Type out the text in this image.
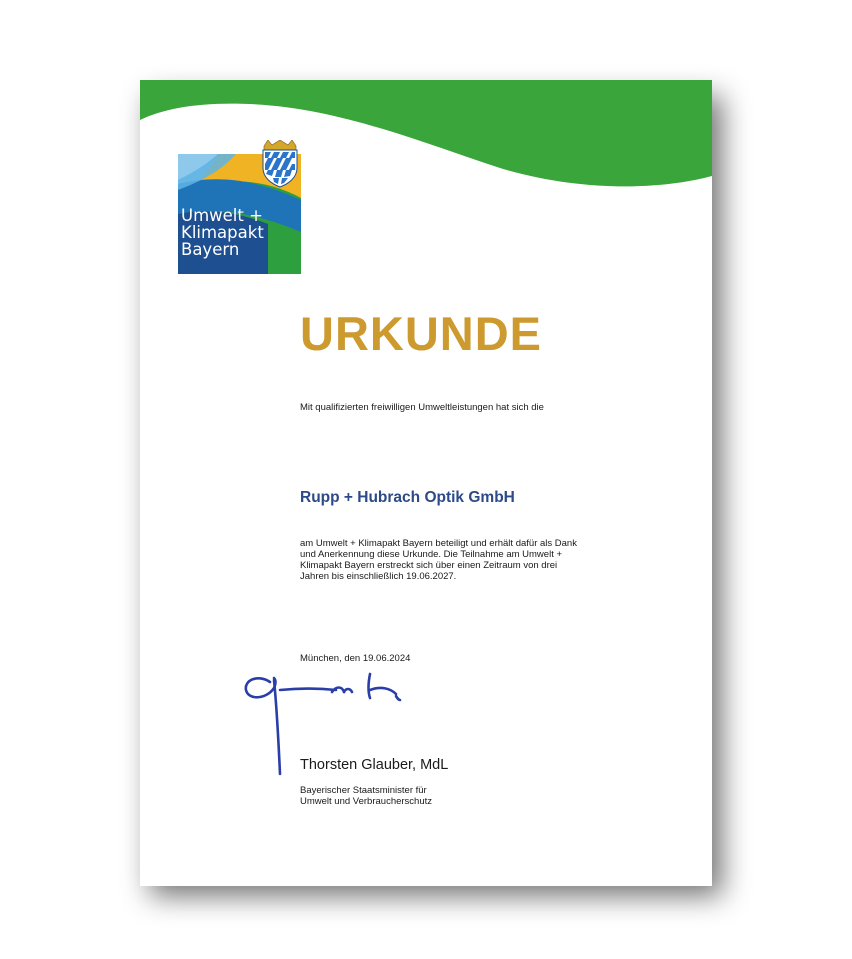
Umwelt +
Klimapakt
Bayern
URKUNDE
Mit qualifizierten freiwilligen Umweltleistungen hat sich die
Rupp + Hubrach Optik GmbH
am Umwelt + Klimapakt Bayern beteiligt und erhält dafür als Dank und Anerkennung diese Urkunde. Die Teilnahme am Umwelt + Klimapakt Bayern erstreckt sich über einen Zeitraum von drei Jahren bis einschließlich 19.06.2027.
München, den 19.06.2024
Thorsten Glauber, MdL
Bayerischer Staatsminister für
Umwelt und Verbraucherschutz
